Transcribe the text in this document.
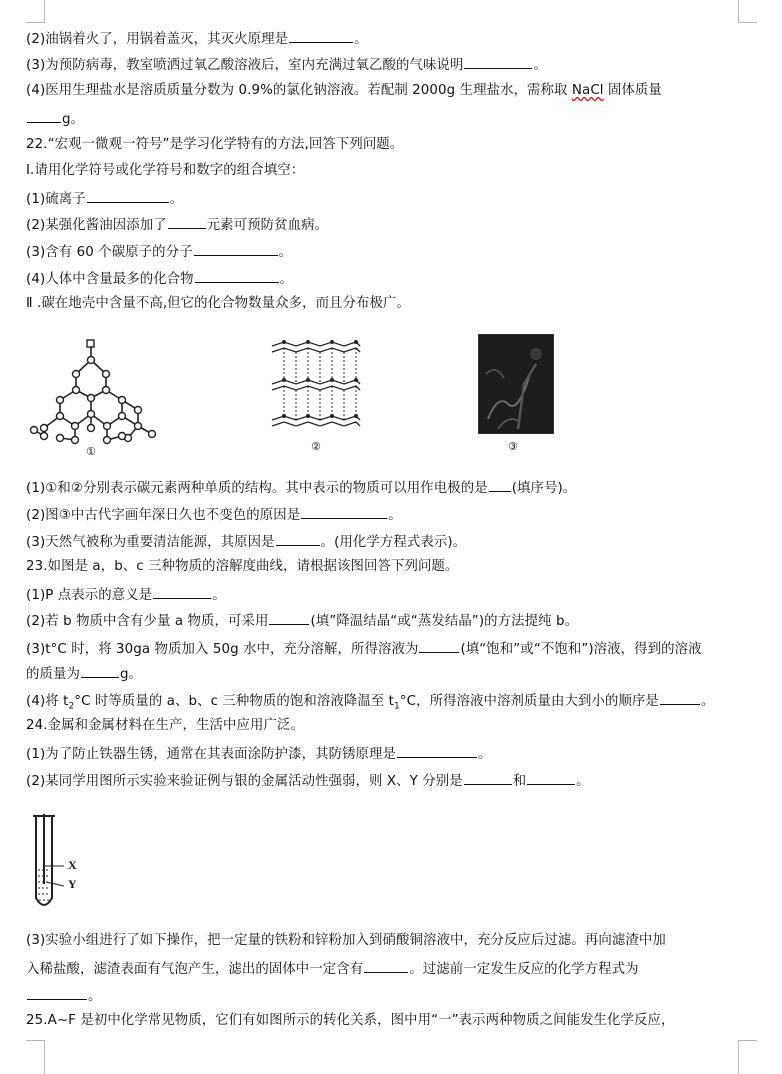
(2)油锅着火了，用锅着盖灭，其灭火原理是	。
(3)为预防病毒，教室喷洒过氧乙酸溶液后，室内充满过氧乙酸的气味说明	。
(4)医用生理盐水是溶质质量分数为 0.9%的氯化钠溶液。若配制 2000g 生理盐水，需称取 NaCl 固体质量
g。
22.“宏观一微观一符号”是学习化学特有的方法,回答下列问题。
Ⅰ.请用化学符号或化学符号和数字的组合填空：
(1)硫离子	。
(2)某强化酱油因添加了	元素可预防贫血病。
(3)含有 60 个碳原子的分子	。
(4)人体中含量最多的化合物	。
Ⅱ .碳在地壳中含量不高,但它的化合物数量众多，而且分布极广。
①	②	③
(1)①和②分别表示碳元素两种单质的结构。其中表示的物质可以用作电极的是 (填序号)。
(2)图③中古代字画年深日久也不变色的原因是	。
(3)天然气被称为重要清洁能源，其原因是	。(用化学方程式表示)。
23.如图是 a，b、c 三种物质的溶解度曲线，请根据该图回答下列问题。
(1)P 点表示的意义是	。
(2)若 b 物质中含有少量 a 物质，可采用	(填”降温结晶“或“蒸发结晶”)的方法提纯 b。
(3)t°C 时，将 30ga 物质加入 50g 水中，充分溶解，所得溶液为	(填“饱和”或“不饱和”)溶液，得到的溶液
的质量为	g。
(4)将 $t_2^\circ C$ 时等质量的 a、b、c 三种物质的饱和溶液降温至 $t_1^\circ C$，所得溶液中溶剂质量由大到小的顺序是	。
24.金属和金属材料在生产，生活中应用广泛。
(1)为了防止铁器生锈，通常在其表面涂防护漆，其防锈原理是	。
(2)某同学用图所示实验来验证例与银的金属活动性强弱，则 X、Y 分别是	和	。
X
Y
(3)实验小组进行了如下操作，把一定量的铁粉和锌粉加入到硝酸铜溶液中，充分反应后过滤。再向滤渣中加
入稀盐酸，滤渣表面有气泡产生，滤出的固体中一定含有	。过滤前一定发生反应的化学方程式为
。
25.A~F 是初中化学常见物质，它们有如图所示的转化关系，图中用“一”表示两种物质之间能发生化学反应，
